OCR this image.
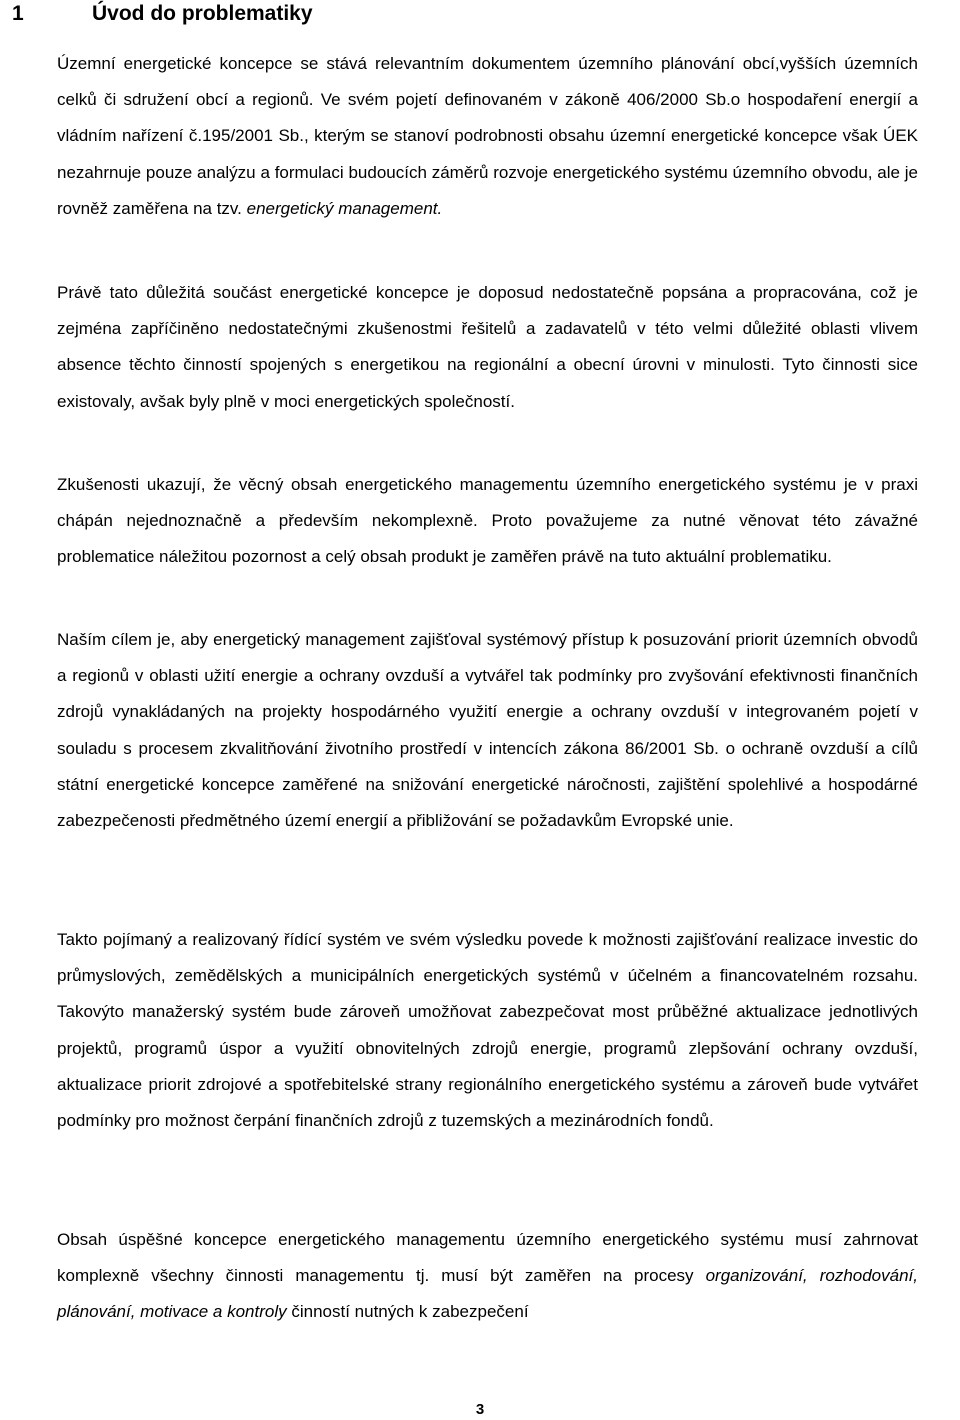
1	Úvod do problematiky

Územní energetické koncepce se stává relevantním dokumentem územního plánování obcí,vyšších územních celků či sdružení obcí a regionů. Ve svém pojetí definovaném v zákoně 406/2000 Sb.o hospodaření energií a vládním nařízení č.195/2001 Sb., kterým se stanoví podrobnosti obsahu územní energetické koncepce však ÚEK nezahrnuje pouze analýzu a formulaci budoucích záměrů rozvoje energetického systému územního obvodu, ale je rovněž zaměřena na tzv. energetický management.

Právě tato důležitá součást energetické koncepce je doposud nedostatečně popsána a propracována, což je zejména zapříčiněno nedostatečnými zkušenostmi řešitelů a zadavatelů v této velmi důležité oblasti vlivem absence těchto činností spojených s energetikou na regionální a obecní úrovni v minulosti. Tyto činnosti sice existovaly, avšak byly plně v moci energetických společností.

Zkušenosti ukazují, že věcný obsah energetického managementu územního energetického systému je v praxi chápán nejednoznačně a především nekomplexně. Proto považujeme za nutné věnovat této závažné problematice náležitou pozornost a celý obsah produkt je zaměřen právě na tuto aktuální problematiku.

Naším cílem je, aby energetický management zajišťoval systémový přístup k posuzování priorit územních obvodů a regionů v oblasti užití energie a ochrany ovzduší a vytvářel tak podmínky pro zvyšování efektivnosti finančních zdrojů vynakládaných na projekty hospodárného využití energie a ochrany ovzduší v integrovaném pojetí v souladu s procesem zkvalitňování životního prostředí v intencích zákona 86/2001 Sb. o ochraně ovzduší a cílů státní energetické koncepce zaměřené na snižování energetické náročnosti, zajištění spolehlivé a hospodárné zabezpečenosti předmětného území energií a přibližování se požadavkům Evropské unie.

Takto pojímaný a realizovaný řídící systém ve svém výsledku povede k možnosti zajišťování realizace investic do průmyslových, zemědělských a municipálních energetických systémů v účelném a financovatelném rozsahu. Takovýto manažerský systém bude zároveň umožňovat zabezpečovat most průběžné aktualizace jednotlivých projektů, programů úspor a využití obnovitelných zdrojů energie, programů zlepšování ochrany ovzduší, aktualizace priorit zdrojové a spotřebitelské strany regionálního energetického systému a zároveň bude vytvářet podmínky pro možnost čerpání finančních zdrojů z tuzemských a mezinárodních fondů.

Obsah úspěšné koncepce energetického managementu územního energetického systému musí zahrnovat komplexně všechny činnosti managementu tj. musí být zaměřen na procesy organizování, rozhodování, plánování, motivace a kontroly činností nutných k zabezpečení

3
